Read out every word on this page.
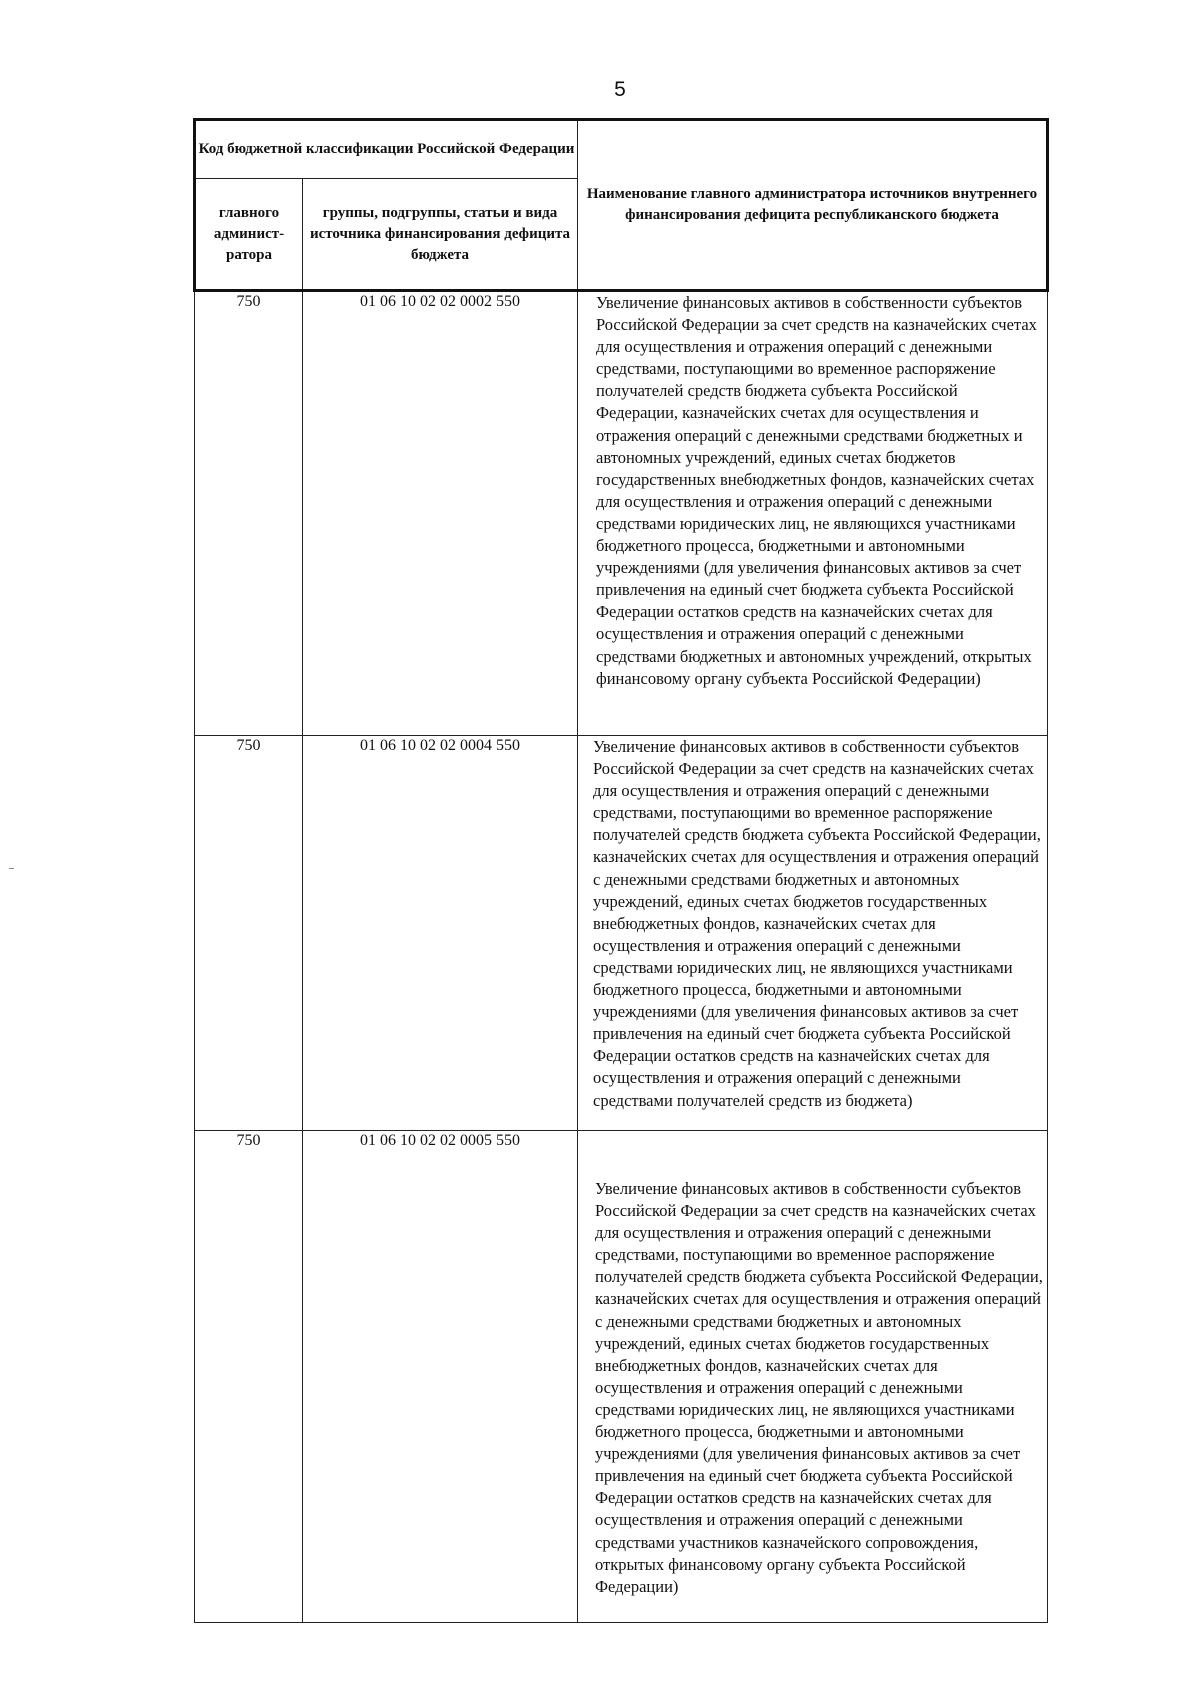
5
Код бюджетной классификации Российской Федерации		Наименование главного администратора источников внутреннего финансирования дефицита республиканского бюджета
главного админист-ратора	группы, подгруппы, статьи и вида источника финансирования дефицита бюджета	
750	01 06 10 02 02 0002 550	Увеличение финансовых активов в собственности субъектов Российской Федерации за счет средств на казначейских счетах для осуществления и отражения операций с денежными средствами, поступающими во временное распоряжение получателей средств бюджета субъекта Российской Федерации, казначейских счетах для осуществления и отражения операций с денежными средствами бюджетных и автономных учреждений, единых счетах бюджетов государственных внебюджетных фондов, казначейских счетах для осуществления и отражения операций с денежными средствами юридических лиц, не являющихся участниками бюджетного процесса, бюджетными и автономными учреждениями (для увеличения финансовых активов за счет привлечения на единый счет бюджета субъекта Российской Федерации остатков средств на казначейских счетах для осуществления и отражения операций с денежными средствами бюджетных и автономных учреждений, открытых финансовому органу субъекта Российской Федерации)

750	01 06 10 02 02 0004 550	Увеличение финансовых активов в собственности субъектов Российской Федерации за счет средств на казначейских счетах для осуществления и отражения операций с денежными средствами, поступающими во временное распоряжение получателей средств бюджета субъекта Российской Федерации, казначейских счетах для осуществления и отражения операций с денежными средствами бюджетных и автономных учреждений, единых счетах бюджетов государственных внебюджетных фондов, казначейских счетах для осуществления и отражения операций с денежными средствами юридических лиц, не являющихся участниками бюджетного процесса, бюджетными и автономными учреждениями (для увеличения финансовых активов за счет привлечения на единый счет бюджета субъекта Российской Федерации остатков средств на казначейских счетах для осуществления и отражения операций с денежными средствами получателей средств из бюджета)

750	01 06 10 02 02 0005 550	Увеличение финансовых активов в собственности субъектов Российской Федерации за счет средств на казначейских счетах для осуществления и отражения операций с денежными средствами, поступающими во временное распоряжение получателей средств бюджета субъекта Российской Федерации, казначейских счетах для осуществления и отражения операций с денежными средствами бюджетных и автономных учреждений, единых счетах бюджетов государственных внебюджетных фондов, казначейских счетах для осуществления и отражения операций с денежными средствами юридических лиц, не являющихся участниками бюджетного процесса, бюджетными и автономными учреждениями (для увеличения финансовых активов за счет привлечения на единый счет бюджета субъекта Российской Федерации остатков средств на казначейских счетах для осуществления и отражения операций с денежными средствами участников казначейского сопровождения, открытых финансовому органу субъекта Российской Федерации)
